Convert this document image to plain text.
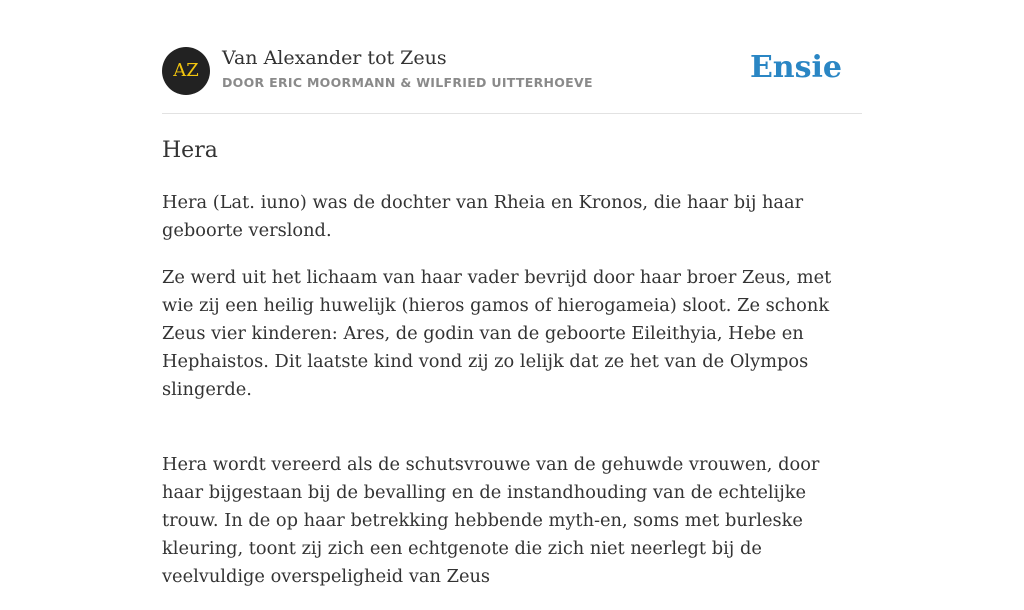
AZ
Van Alexander tot Zeus
DOOR ERIC MOORMANN & WILFRIED UITTERHOEVE	Ensie
Hera

Hera (Lat. iuno) was de dochter van Rheia en Kronos, die haar bij haar geboorte verslond.

Ze werd uit het lichaam van haar vader bevrijd door haar broer Zeus, met wie zij een heilig huwelijk (hieros gamos of hierogameia) sloot. Ze schonk Zeus vier kinderen: Ares, de godin van de geboorte Eileithyia, Hebe en Hephaistos. Dit laatste kind vond zij zo lelijk dat ze het van de Olympos slingerde.

Hera wordt vereerd als de schutsvrouwe van de gehuwde vrouwen, door haar bijgestaan bij de bevalling en de instandhouding van de echtelijke trouw. In de op haar betrekking hebbende myth-en, soms met burleske kleuring, toont zij zich een echtgenote die zich niet neerlegt bij de veelvuldige overspeligheid van Zeus
